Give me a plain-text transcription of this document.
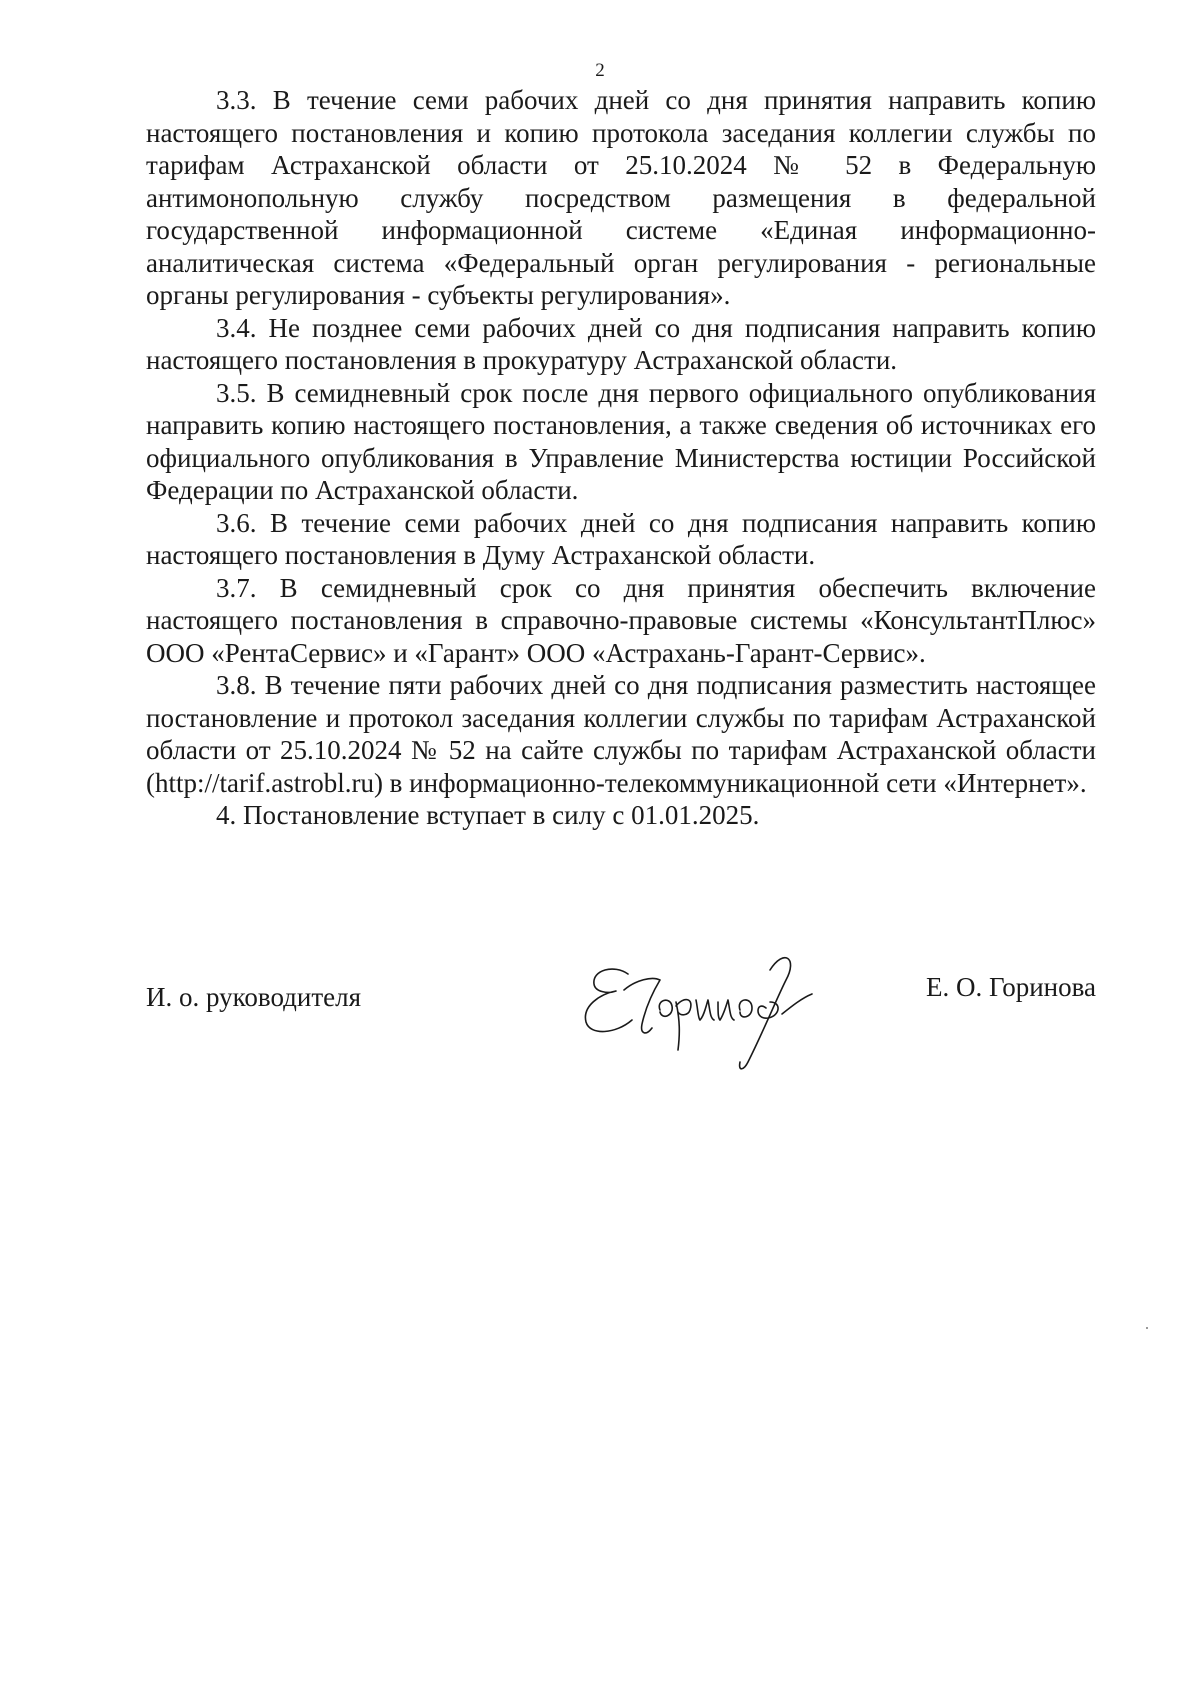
2

3.3. В течение семи рабочих дней со дня принятия направить копию настоящего постановления и копию протокола заседания коллегии службы по тарифам Астраханской области от 25.10.2024 № 52 в Федеральную антимонопольную службу посредством размещения в федеральной государственной информационной системе «Единая информационно-аналитическая система «Федеральный орган регулирования - региональные органы регулирования - субъекты регулирования».

3.4. Не позднее семи рабочих дней со дня подписания направить копию настоящего постановления в прокуратуру Астраханской области.

3.5. В семидневный срок после дня первого официального опубликования направить копию настоящего постановления, а также сведения об источниках его официального опубликования в Управление Министерства юстиции Российской Федерации по Астраханской области.

3.6. В течение семи рабочих дней со дня подписания направить копию настоящего постановления в Думу Астраханской области.

3.7. В семидневный срок со дня принятия обеспечить включение настоящего постановления в справочно-правовые системы «КонсультантПлюс» ООО «РентаСервис» и «Гарант» ООО «Астрахань-Гарант-Сервис».

3.8. В течение пяти рабочих дней со дня подписания разместить настоящее постановление и протокол заседания коллегии службы по тарифам Астраханской области от 25.10.2024 № 52 на сайте службы по тарифам Астраханской области (http://tarif.astrobl.ru) в информационно-телекоммуникационной сети «Интернет».

4. Постановление вступает в силу с 01.01.2025.

И. о. руководителя	Е. О. Горинова
